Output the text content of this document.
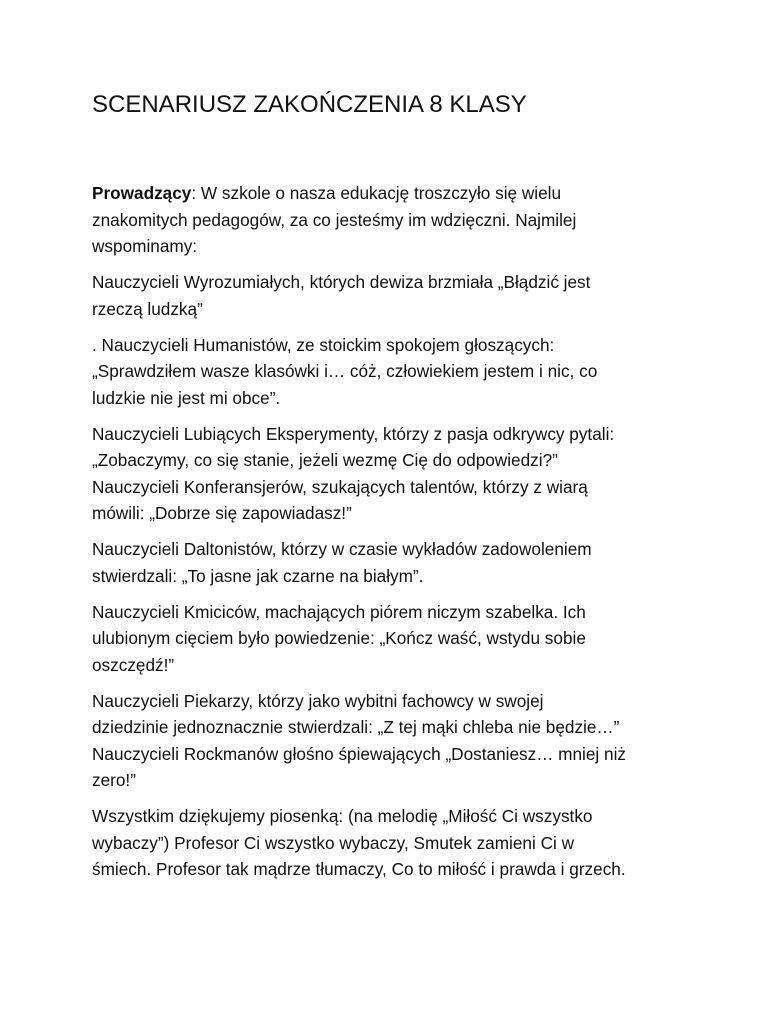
SCENARIUSZ ZAKOŃCZENIA 8 KLASY

Prowadzący: W szkole o nasza edukację troszczyło się wielu
znakomitych pedagogów, za co jesteśmy im wdzięczni. Najmilej
wspominamy:

Nauczycieli Wyrozumiałych, których dewiza brzmiała „Błądzić jest
rzeczą ludzką”

. Nauczycieli Humanistów, ze stoickim spokojem głoszących:
„Sprawdziłem wasze klasówki i… cóż, człowiekiem jestem i nic, co
ludzkie nie jest mi obce”.

Nauczycieli Lubiących Eksperymenty, którzy z pasja odkrywcy pytali:
„Zobaczymy, co się stanie, jeżeli wezmę Cię do odpowiedzi?”
Nauczycieli Konferansjerów, szukających talentów, którzy z wiarą
mówili: „Dobrze się zapowiadasz!”

Nauczycieli Daltonistów, którzy w czasie wykładów zadowoleniem
stwierdzali: „To jasne jak czarne na białym”.

Nauczycieli Kmiciców, machających piórem niczym szabelka. Ich
ulubionym cięciem było powiedzenie: „Kończ waść, wstydu sobie
oszczędź!”

Nauczycieli Piekarzy, którzy jako wybitni fachowcy w swojej
dziedzinie jednoznacznie stwierdzali: „Z tej mąki chleba nie będzie…”
Nauczycieli Rockmanów głośno śpiewających „Dostaniesz… mniej niż
zero!”

Wszystkim dziękujemy piosenką: (na melodię „Miłość Ci wszystko
wybaczy”) Profesor Ci wszystko wybaczy, Smutek zamieni Ci w
śmiech. Profesor tak mądrze tłumaczy, Co to miłość i prawda i grzech.
